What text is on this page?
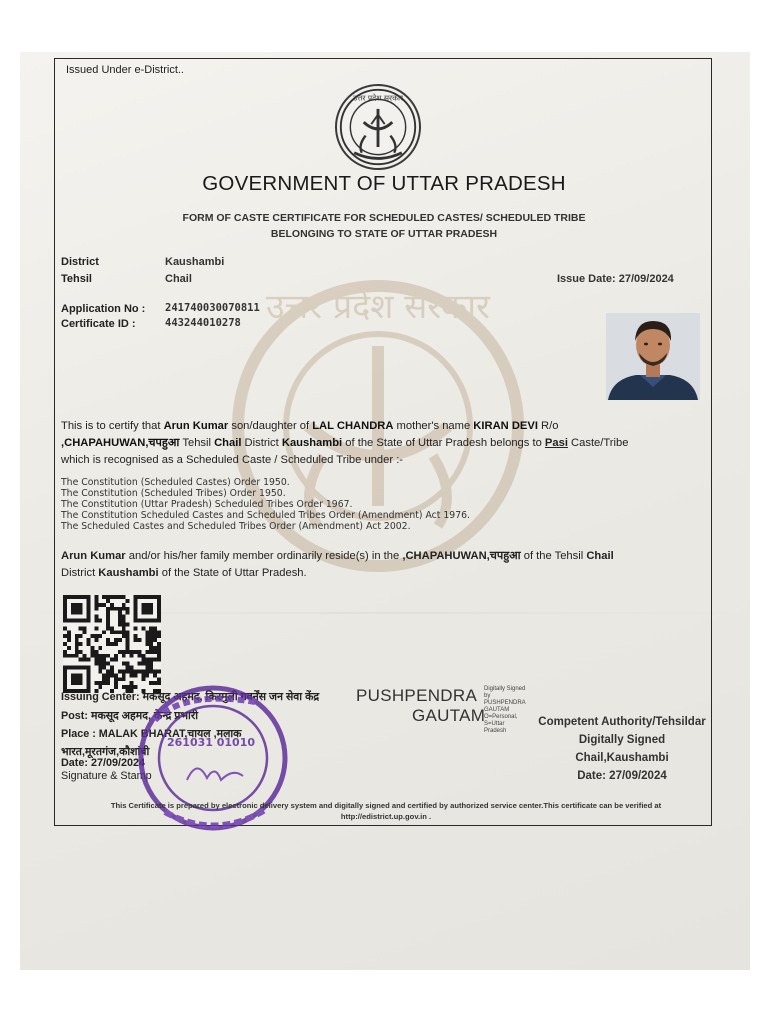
Issued Under e-District..
उत्तर प्रदेश सरकार
उत्तर प्रदेश सरकार
GOVERNMENT OF UTTAR PRADESH
FORM OF CASTE CERTIFICATE FOR SCHEDULED CASTES/ SCHEDULED TRIBE
BELONGING TO STATE OF UTTAR PRADESH
District	Kaushambi
Tehsil	Chail	Issue Date: 27/09/2024
Application No : 241740030070811
Certificate ID :	443244010278
This is to certify that Arun Kumar son/daughter of LAL CHANDRA mother's name KIRAN DEVI R/o
,CHAPAHUWAN,चपहुआ Tehsil Chail District Kaushambi of the State of Uttar Pradesh belongs to Pasi Caste/Tribe
which is recognised as a Scheduled Caste / Scheduled Tribe under :-
The Constitution (Scheduled Castes) Order 1950.
The Constitution (Scheduled Tribes) Order 1950.
The Constitution (Uttar Pradesh) Scheduled Tribes Order 1967.
The Constitution Scheduled Castes and Scheduled Tribes Order (Amendment) Act 1976.
The Scheduled Castes and Scheduled Tribes Order (Amendment) Act 2002.
Arun Kumar and/or his/her family member ordinarily reside(s) in the ,CHAPAHUWAN,चपहुआ of the Tehsil Chail
District Kaushambi of the State of Uttar Pradesh.
Issuing Center: मकसूद अहमद, किरमुली गवर्नेंस जन सेवा केंद्र
Post: मकसूद अहमद, केन्द्र प्रभारी
Place : MALAK BHARAT,चायल ,मलाक
भारत,मूरतगंज,कौशांबी
Date: 27/09/2024
Signature & Stamp
PUSHPENDRA
GAUTAM
Digitally Signed
by
PUSHPENDRA
GAUTAM
O=Personal,
S=Uttar
Pradesh
Competent Authority/Tehsildar
Digitally Signed
Chail,Kaushambi
Date: 27/09/2024
261031 01010
This Certificate is prepared by electronic delivery system and digitally signed and certified by authorized service center.This certificate can be verified at
http://edistrict.up.gov.in .
